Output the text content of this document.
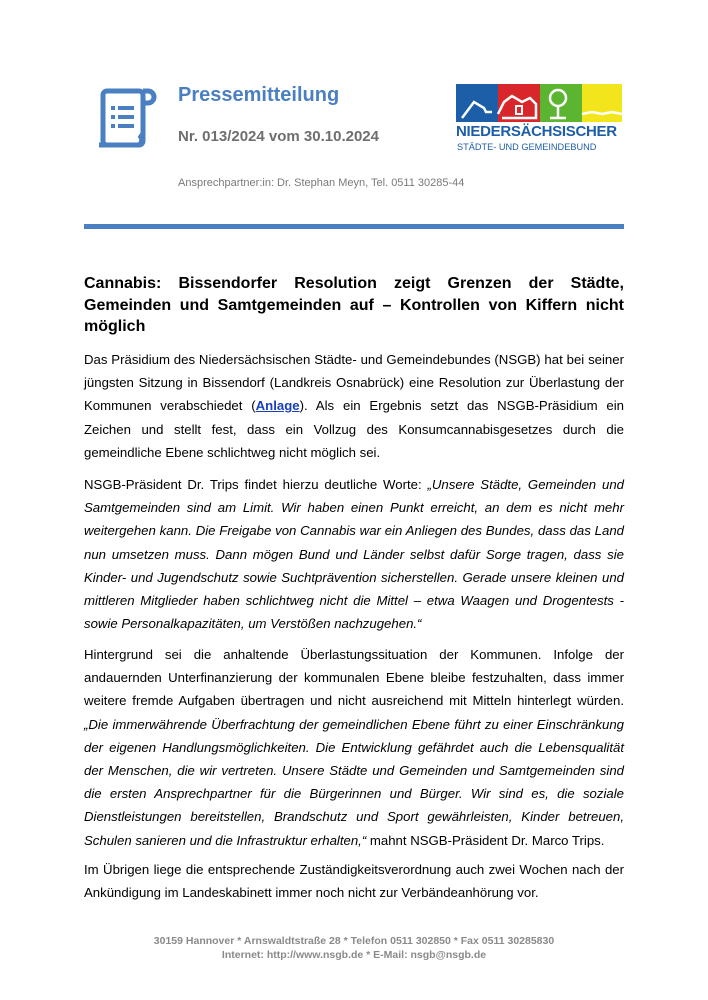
Pressemitteilung
Nr. 013/2024 vom 30.10.2024
Ansprechpartner:in: Dr. Stephan Meyn, Tel. 0511 30285-44
NIEDERSÄCHSISCHER
STÄDTE- UND GEMEINDEBUND
Cannabis: Bissendorfer Resolution zeigt Grenzen der Städte, Gemeinden und Samtgemeinden auf – Kontrollen von Kiffern nicht möglich

Das Präsidium des Niedersächsischen Städte- und Gemeindebundes (NSGB) hat bei seiner jüngsten Sitzung in Bissendorf (Landkreis Osnabrück) eine Resolution zur Überlastung der Kommunen verabschiedet (Anlage). Als ein Ergebnis setzt das NSGB-Präsidium ein Zeichen und stellt fest, dass ein Vollzug des Konsumcannabisgesetzes durch die gemeindliche Ebene schlichtweg nicht möglich sei.

NSGB-Präsident Dr. Trips findet hierzu deutliche Worte: „Unsere Städte, Gemeinden und Samtgemeinden sind am Limit. Wir haben einen Punkt erreicht, an dem es nicht mehr weitergehen kann. Die Freigabe von Cannabis war ein Anliegen des Bundes, dass das Land nun umsetzen muss. Dann mögen Bund und Länder selbst dafür Sorge tragen, dass sie Kinder- und Jugendschutz sowie Suchtprävention sicherstellen. Gerade unsere kleinen und mittleren Mitglieder haben schlichtweg nicht die Mittel – etwa Waagen und Drogentests - sowie Personalkapazitäten, um Verstößen nachzugehen.“

Hintergrund sei die anhaltende Überlastungssituation der Kommunen. Infolge der andauernden Unterfinanzierung der kommunalen Ebene bleibe festzuhalten, dass immer weitere fremde Aufgaben übertragen und nicht ausreichend mit Mitteln hinterlegt würden. „Die immerwährende Überfrachtung der gemeindlichen Ebene führt zu einer Einschränkung der eigenen Handlungsmöglichkeiten. Die Entwicklung gefährdet auch die Lebensqualität der Menschen, die wir vertreten. Unsere Städte und Gemeinden und Samtgemeinden sind die ersten Ansprechpartner für die Bürgerinnen und Bürger. Wir sind es, die soziale Dienstleistungen bereitstellen, Brandschutz und Sport gewährleisten, Kinder betreuen, Schulen sanieren und die Infrastruktur erhalten,“ mahnt NSGB-Präsident Dr. Marco Trips.

Im Übrigen liege die entsprechende Zuständigkeitsverordnung auch zwei Wochen nach der Ankündigung im Landeskabinett immer noch nicht zur Verbändeanhörung vor.

30159 Hannover * Arnswaldtstraße 28 * Telefon 0511 302850 * Fax 0511 30285830
Internet: http://www.nsgb.de * E-Mail: nsgb@nsgb.de
